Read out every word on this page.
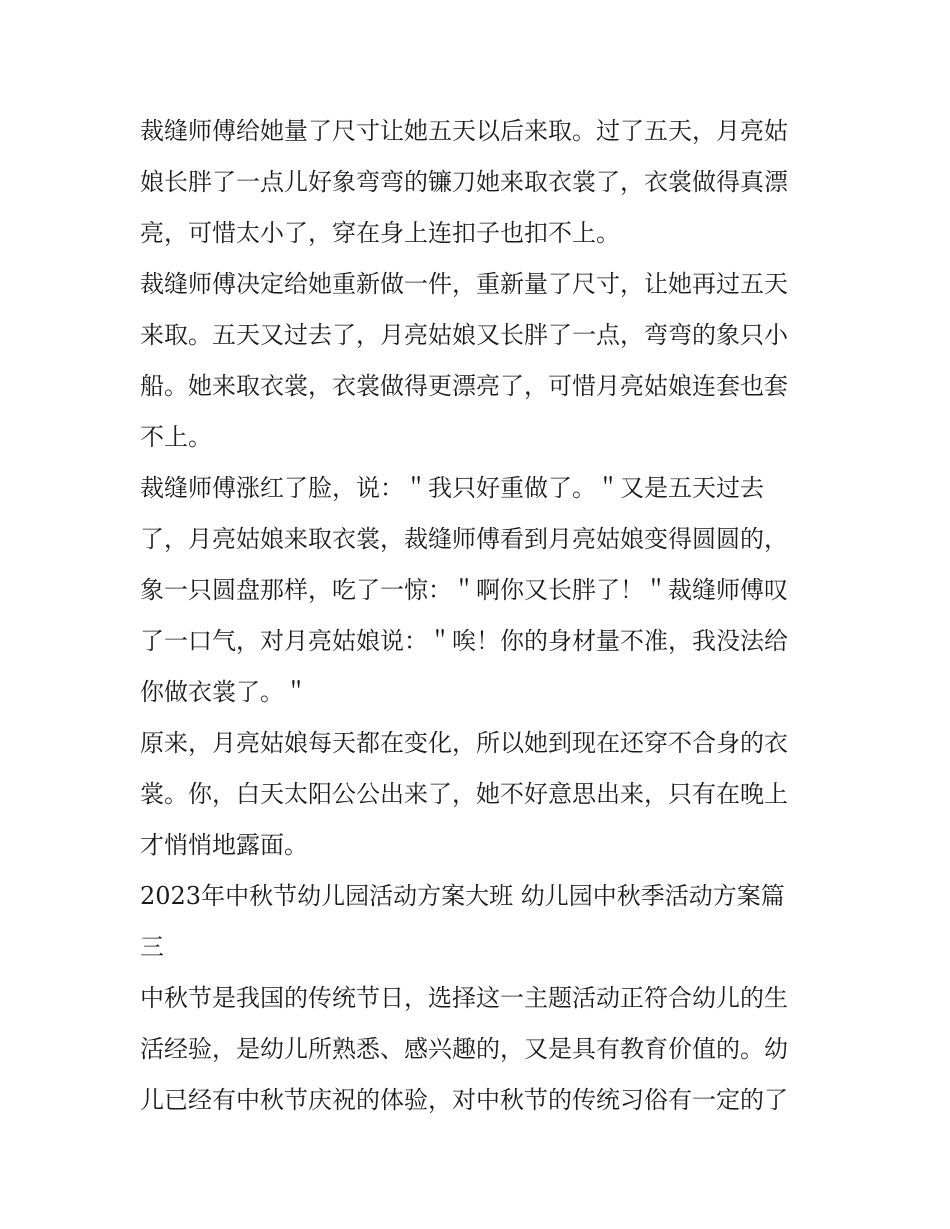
裁缝师傅给她量了尺寸让她五天以后来取。过了五天，月亮姑
娘长胖了一点儿好象弯弯的镰刀她来取衣裳了，衣裳做得真漂
亮，可惜太小了，穿在身上连扣子也扣不上。
裁缝师傅决定给她重新做一件，重新量了尺寸，让她再过五天
来取。五天又过去了，月亮姑娘又长胖了一点，弯弯的象只小
船。她来取衣裳，衣裳做得更漂亮了，可惜月亮姑娘连套也套
不上。
裁缝师傅涨红了脸，说：＂我只好重做了。＂又是五天过去
了，月亮姑娘来取衣裳，裁缝师傅看到月亮姑娘变得圆圆的，
象一只圆盘那样，吃了一惊：＂啊你又长胖了！＂裁缝师傅叹
了一口气，对月亮姑娘说：＂唉！你的身材量不准，我没法给
你做衣裳了。＂
原来，月亮姑娘每天都在变化，所以她到现在还穿不合身的衣
裳。你，白天太阳公公出来了，她不好意思出来，只有在晚上
才悄悄地露面。
2023年中秋节幼儿园活动方案大班 幼儿园中秋季活动方案篇
三
中秋节是我国的传统节日，选择这一主题活动正符合幼儿的生
活经验，是幼儿所熟悉、感兴趣的，又是具有教育价值的。幼
儿已经有中秋节庆祝的体验，对中秋节的传统习俗有一定的了
